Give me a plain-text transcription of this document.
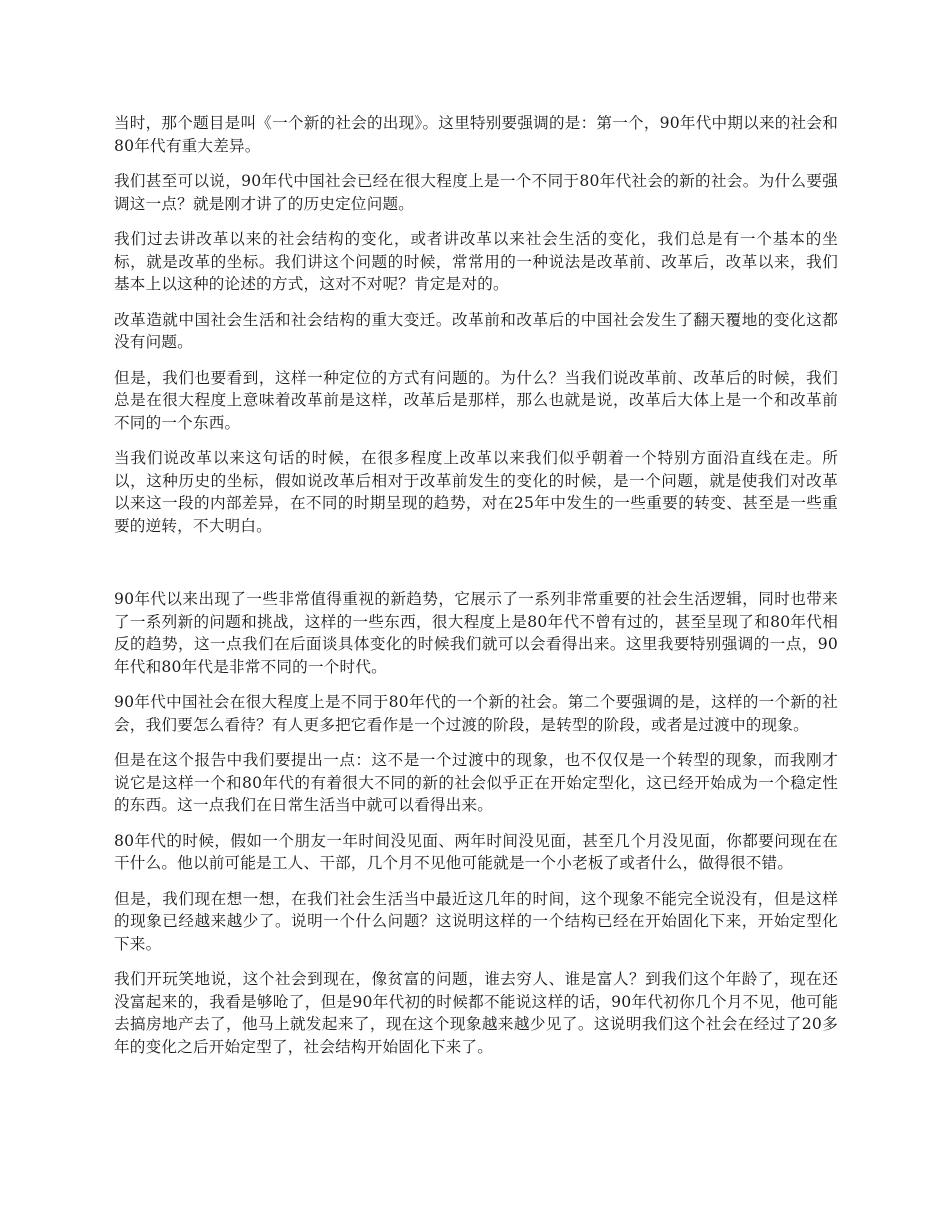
当时，那个题目是叫《一个新的社会的出现》。这里特别要强调的是：第一个，90年代中期以来的社会和80年代有重大差异。

我们甚至可以说，90年代中国社会已经在很大程度上是一个不同于80年代社会的新的社会。为什么要强调这一点？就是刚才讲了的历史定位问题。

我们过去讲改革以来的社会结构的变化，或者讲改革以来社会生活的变化，我们总是有一个基本的坐标，就是改革的坐标。我们讲这个问题的时候，常常用的一种说法是改革前、改革后，改革以来，我们基本上以这种的论述的方式，这对不对呢？肯定是对的。

改革造就中国社会生活和社会结构的重大变迁。改革前和改革后的中国社会发生了翻天覆地的变化这都没有问题。

但是，我们也要看到，这样一种定位的方式有问题的。为什么？当我们说改革前、改革后的时候，我们总是在很大程度上意味着改革前是这样，改革后是那样，那么也就是说，改革后大体上是一个和改革前不同的一个东西。

当我们说改革以来这句话的时候，在很多程度上改革以来我们似乎朝着一个特别方面沿直线在走。所以，这种历史的坐标，假如说改革后相对于改革前发生的变化的时候，是一个问题，就是使我们对改革以来这一段的内部差异，在不同的时期呈现的趋势，对在25年中发生的一些重要的转变、甚至是一些重要的逆转，不大明白。

90年代以来出现了一些非常值得重视的新趋势，它展示了一系列非常重要的社会生活逻辑，同时也带来了一系列新的问题和挑战，这样的一些东西，很大程度上是80年代不曾有过的，甚至呈现了和80年代相反的趋势，这一点我们在后面谈具体变化的时候我们就可以会看得出来。这里我要特别强调的一点，90年代和80年代是非常不同的一个时代。

90年代中国社会在很大程度上是不同于80年代的一个新的社会。第二个要强调的是，这样的一个新的社会，我们要怎么看待？有人更多把它看作是一个过渡的阶段，是转型的阶段，或者是过渡中的现象。

但是在这个报告中我们要提出一点：这不是一个过渡中的现象，也不仅仅是一个转型的现象，而我刚才说它是这样一个和80年代的有着很大不同的新的社会似乎正在开始定型化，这已经开始成为一个稳定性的东西。这一点我们在日常生活当中就可以看得出来。

80年代的时候，假如一个朋友一年时间没见面、两年时间没见面，甚至几个月没见面，你都要问现在在干什么。他以前可能是工人、干部，几个月不见他可能就是一个小老板了或者什么，做得很不错。

但是，我们现在想一想，在我们社会生活当中最近这几年的时间，这个现象不能完全说没有，但是这样的现象已经越来越少了。说明一个什么问题？这说明这样的一个结构已经在开始固化下来，开始定型化下来。

我们开玩笑地说，这个社会到现在，像贫富的问题，谁去穷人、谁是富人？到我们这个年龄了，现在还没富起来的，我看是够呛了，但是90年代初的时候都不能说这样的话，90年代初你几个月不见，他可能去搞房地产去了，他马上就发起来了，现在这个现象越来越少见了。这说明我们这个社会在经过了20多年的变化之后开始定型了，社会结构开始固化下来了。
